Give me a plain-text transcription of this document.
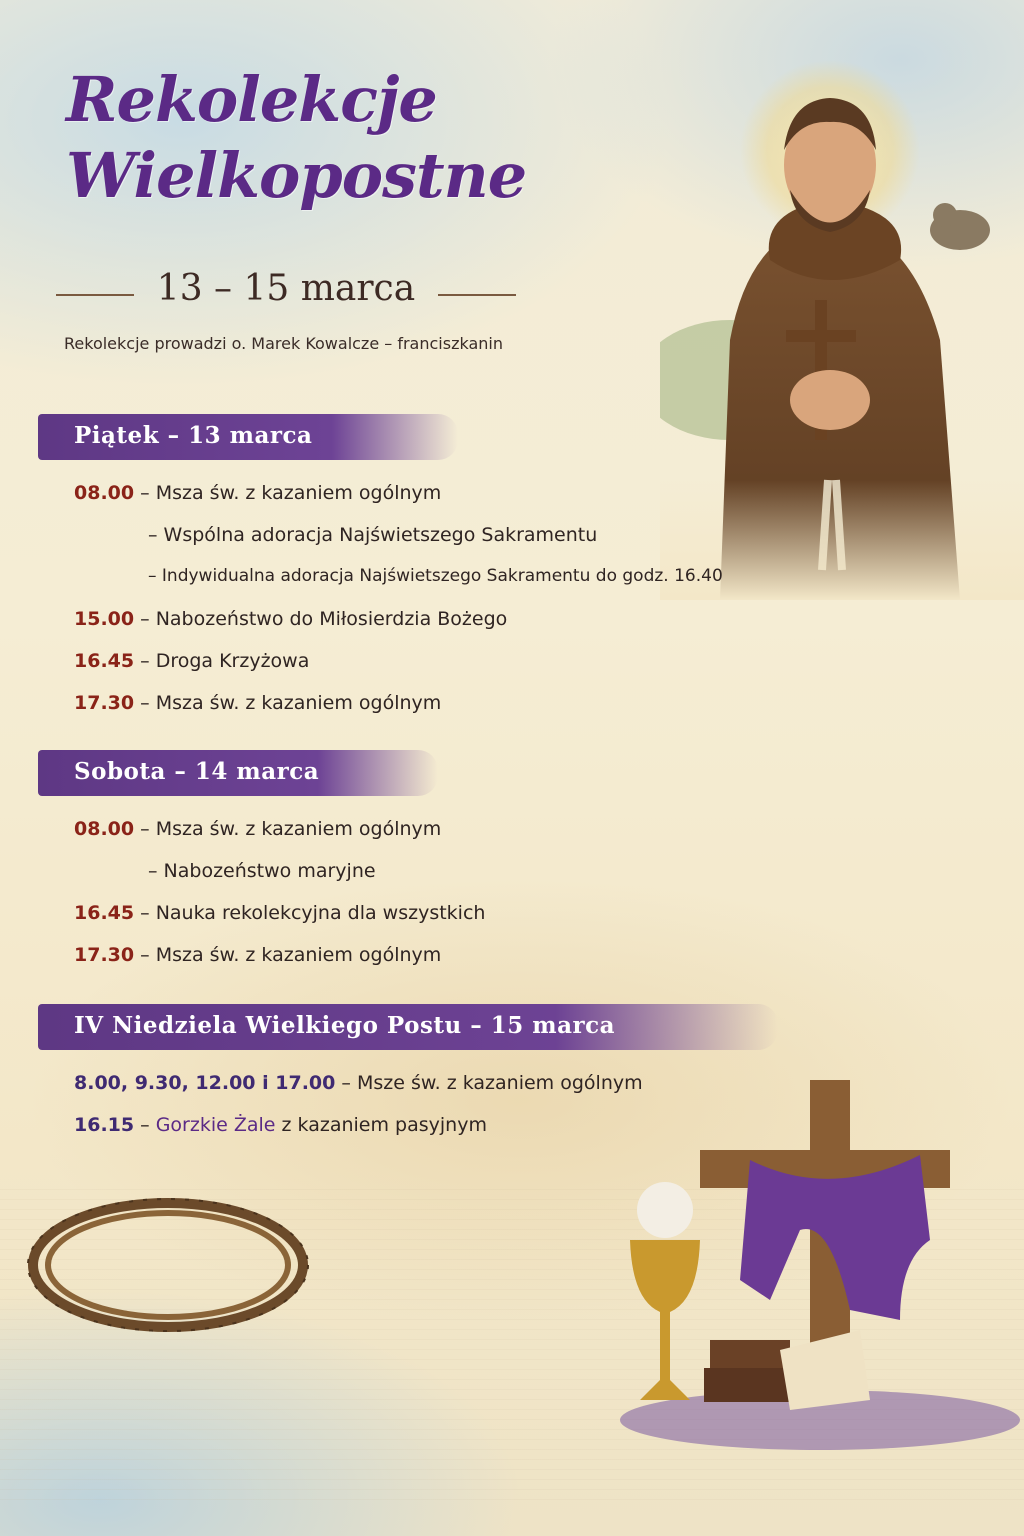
Rekolekcje
Wielkopostne
13 – 15 marca
Rekolekcje prowadzi o. Marek Kowalcze – franciszkanin
Piątek – 13 marca
08.00 – Msza św. z kazaniem ogólnym
– Wspólna adoracja Najświetszego Sakramentu
– Indywidualna adoracja Najświetszego Sakramentu do godz. 16.40
15.00 – Nabozeństwo do Miłosierdzia Bożego
16.45 – Droga Krzyżowa
17.30 – Msza św. z kazaniem ogólnym
Sobota – 14 marca
08.00 – Msza św. z kazaniem ogólnym
– Nabozeństwo maryjne
16.45 – Nauka rekolekcyjna dla wszystkich
17.30 – Msza św. z kazaniem ogólnym
IV Niedziela Wielkiego Postu – 15 marca
8.00, 9.30, 12.00 i 17.00 – Msze św. z kazaniem ogólnym
16.15 – Gorzkie Żale z kazaniem pasyjnym
